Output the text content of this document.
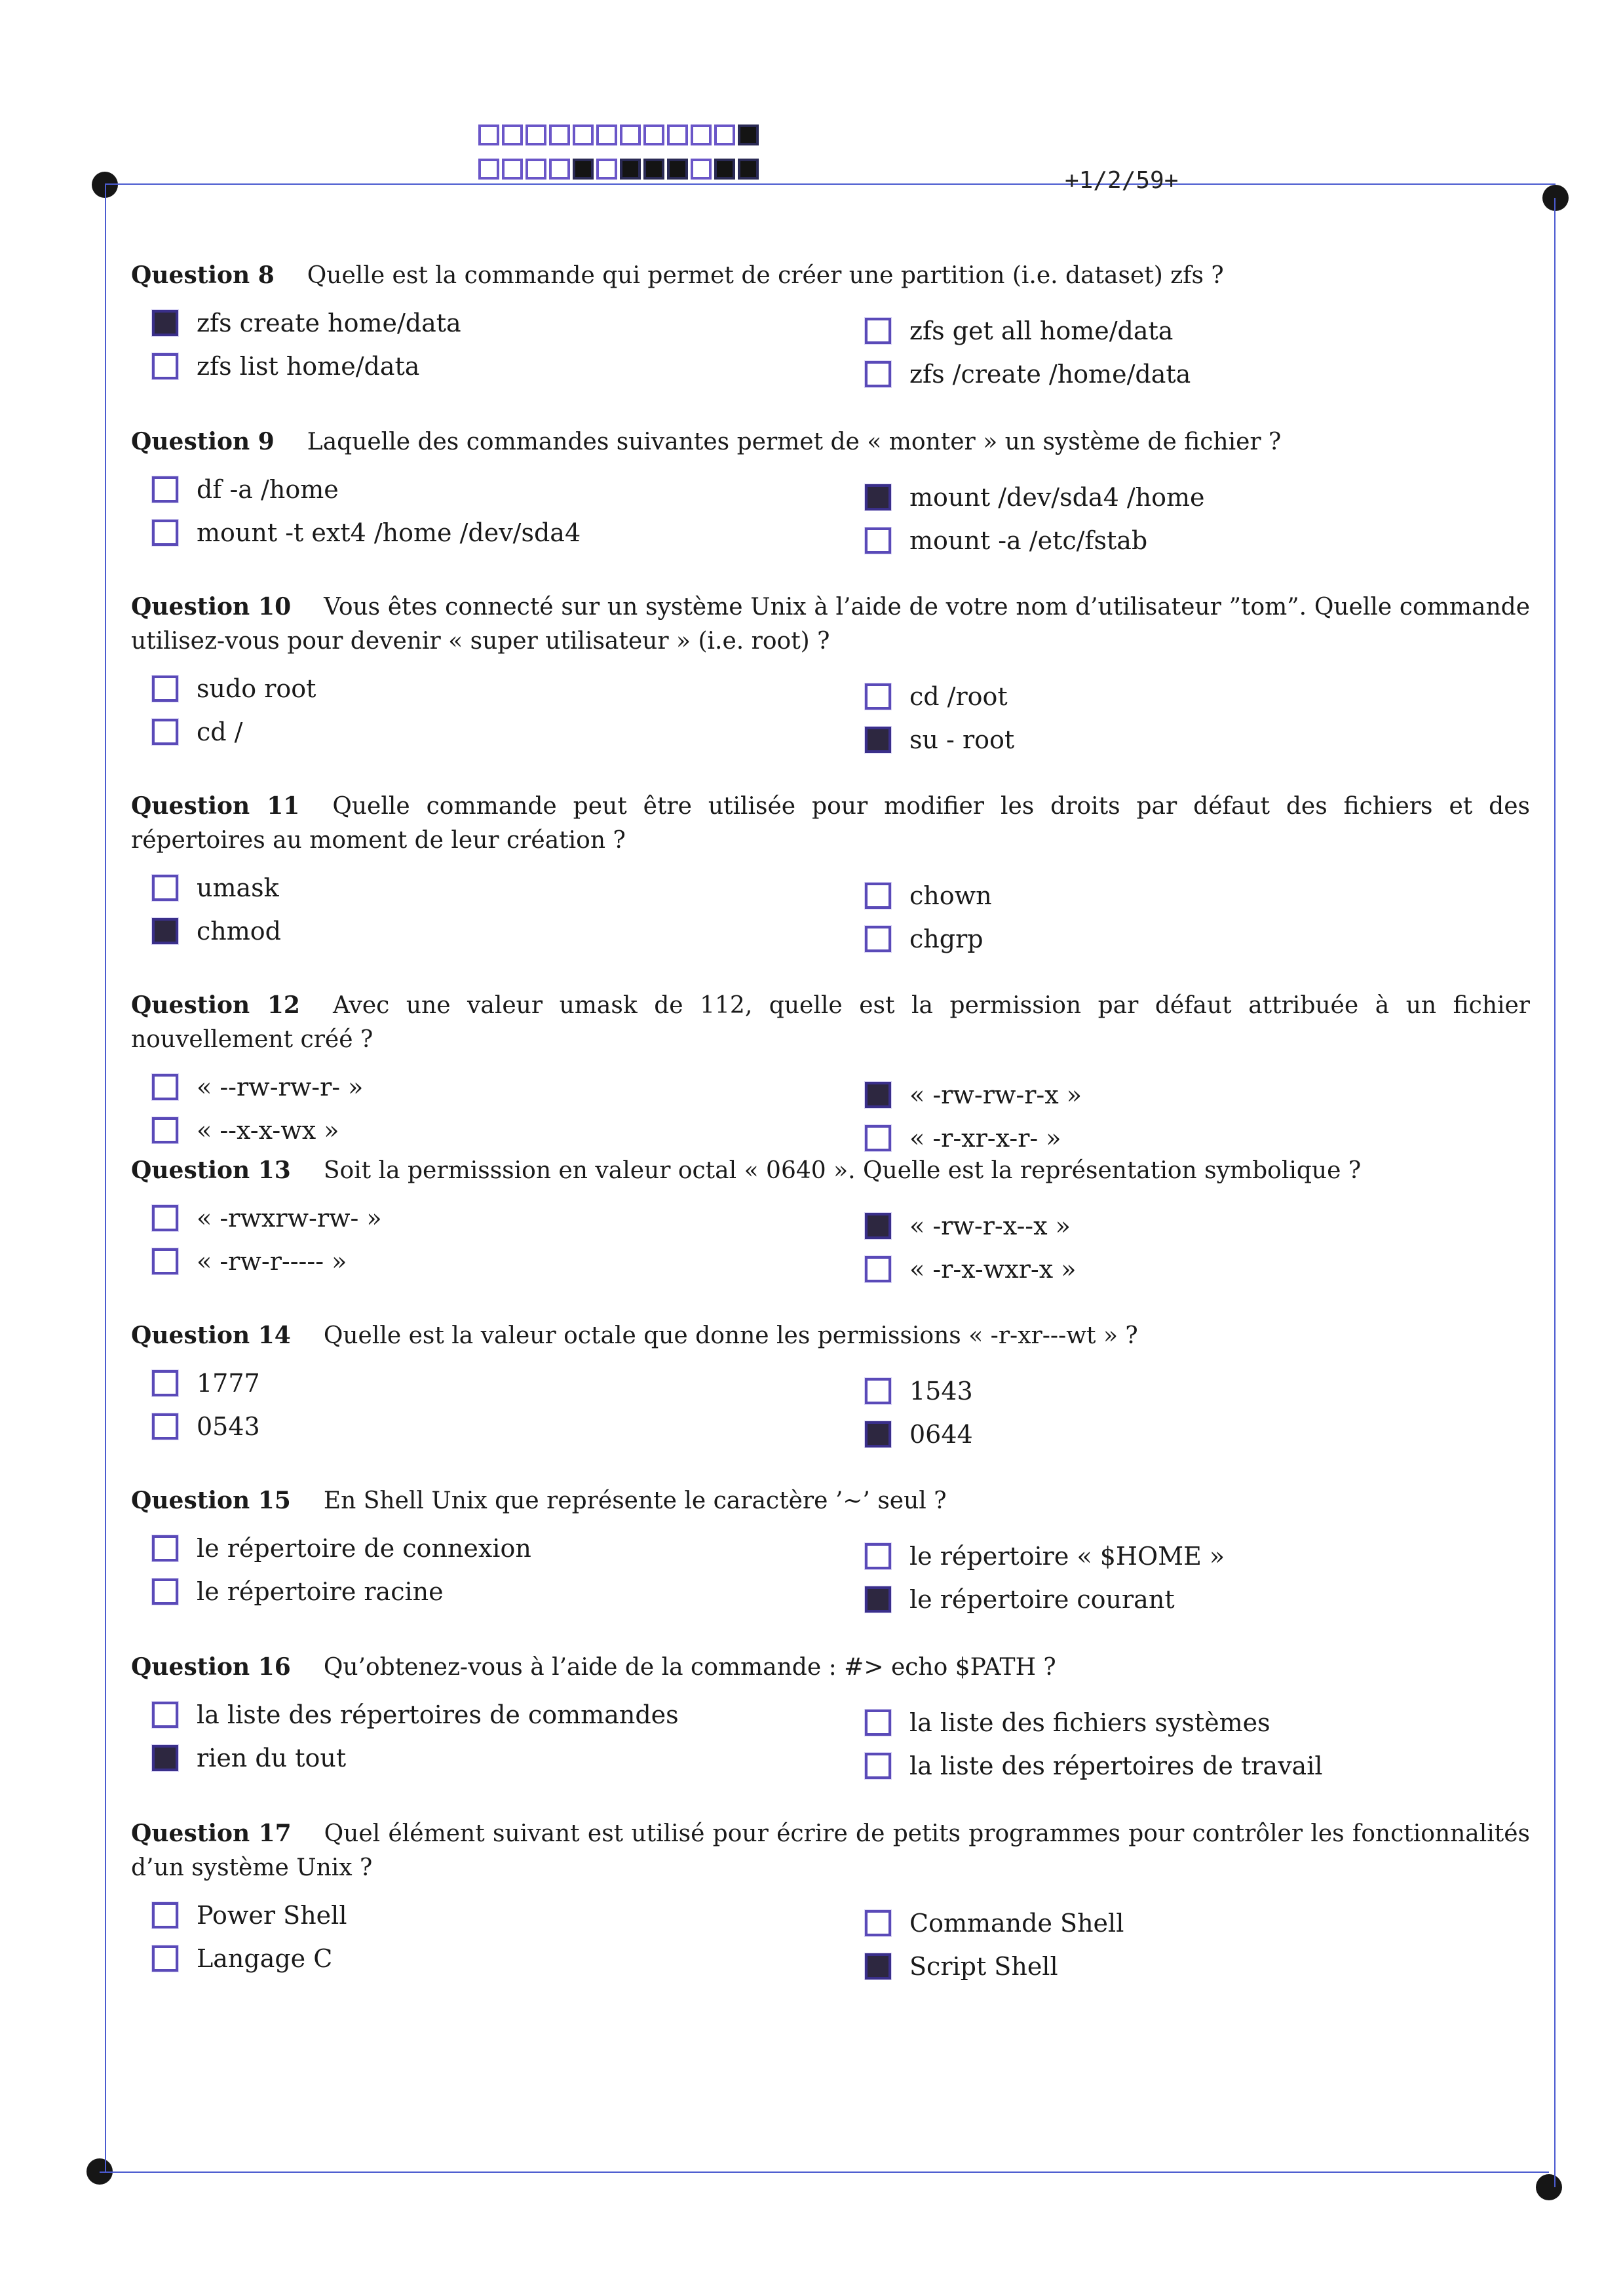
+1/2/59+
Question 8 Quelle est la commande qui permet de créer une partition (i.e. dataset) zfs ?
zfs create home/data
zfs list home/data
zfs get all home/data
zfs /create /home/data
Question 9 Laquelle des commandes suivantes permet de « monter » un système de fichier ?
df -a /home
mount -t ext4 /home /dev/sda4
mount /dev/sda4 /home
mount -a /etc/fstab
Question 10 Vous êtes connecté sur un système Unix à l’aide de votre nom d’utilisateur ”tom”. Quelle commande utilisez-vous pour devenir « super utilisateur » (i.e. root) ?
sudo root
cd /
cd /root
su - root
Question 11 Quelle commande peut être utilisée pour modifier les droits par défaut des fichiers et des répertoires au moment de leur création ?
umask
chmod
chown
chgrp
Question 12 Avec une valeur umask de 112, quelle est la permission par défaut attribuée à un fichier nouvellement créé ?
« --rw-rw-r- »
« --x-x-wx »
« -rw-rw-r-x »
« -r-xr-x-r- »
Question 13 Soit la permisssion en valeur octal « 0640 ». Quelle est la représentation symbolique ?
« -rwxrw-rw- »
« -rw-r----- »
« -rw-r-x--x »
« -r-x-wxr-x »
Question 14 Quelle est la valeur octale que donne les permissions « -r-xr---wt » ?
1777
0543
1543
0644
Question 15 En Shell Unix que représente le caractère ’∼’ seul ?
le répertoire de connexion
le répertoire racine
le répertoire « $HOME »
le répertoire courant
Question 16 Qu’obtenez-vous à l’aide de la commande : #> echo $PATH ?
la liste des répertoires de commandes
rien du tout
la liste des fichiers systèmes
la liste des répertoires de travail
Question 17 Quel élément suivant est utilisé pour écrire de petits programmes pour contrôler les fonctionnalités d’un système Unix ?
Power Shell
Langage C
Commande Shell
Script Shell
